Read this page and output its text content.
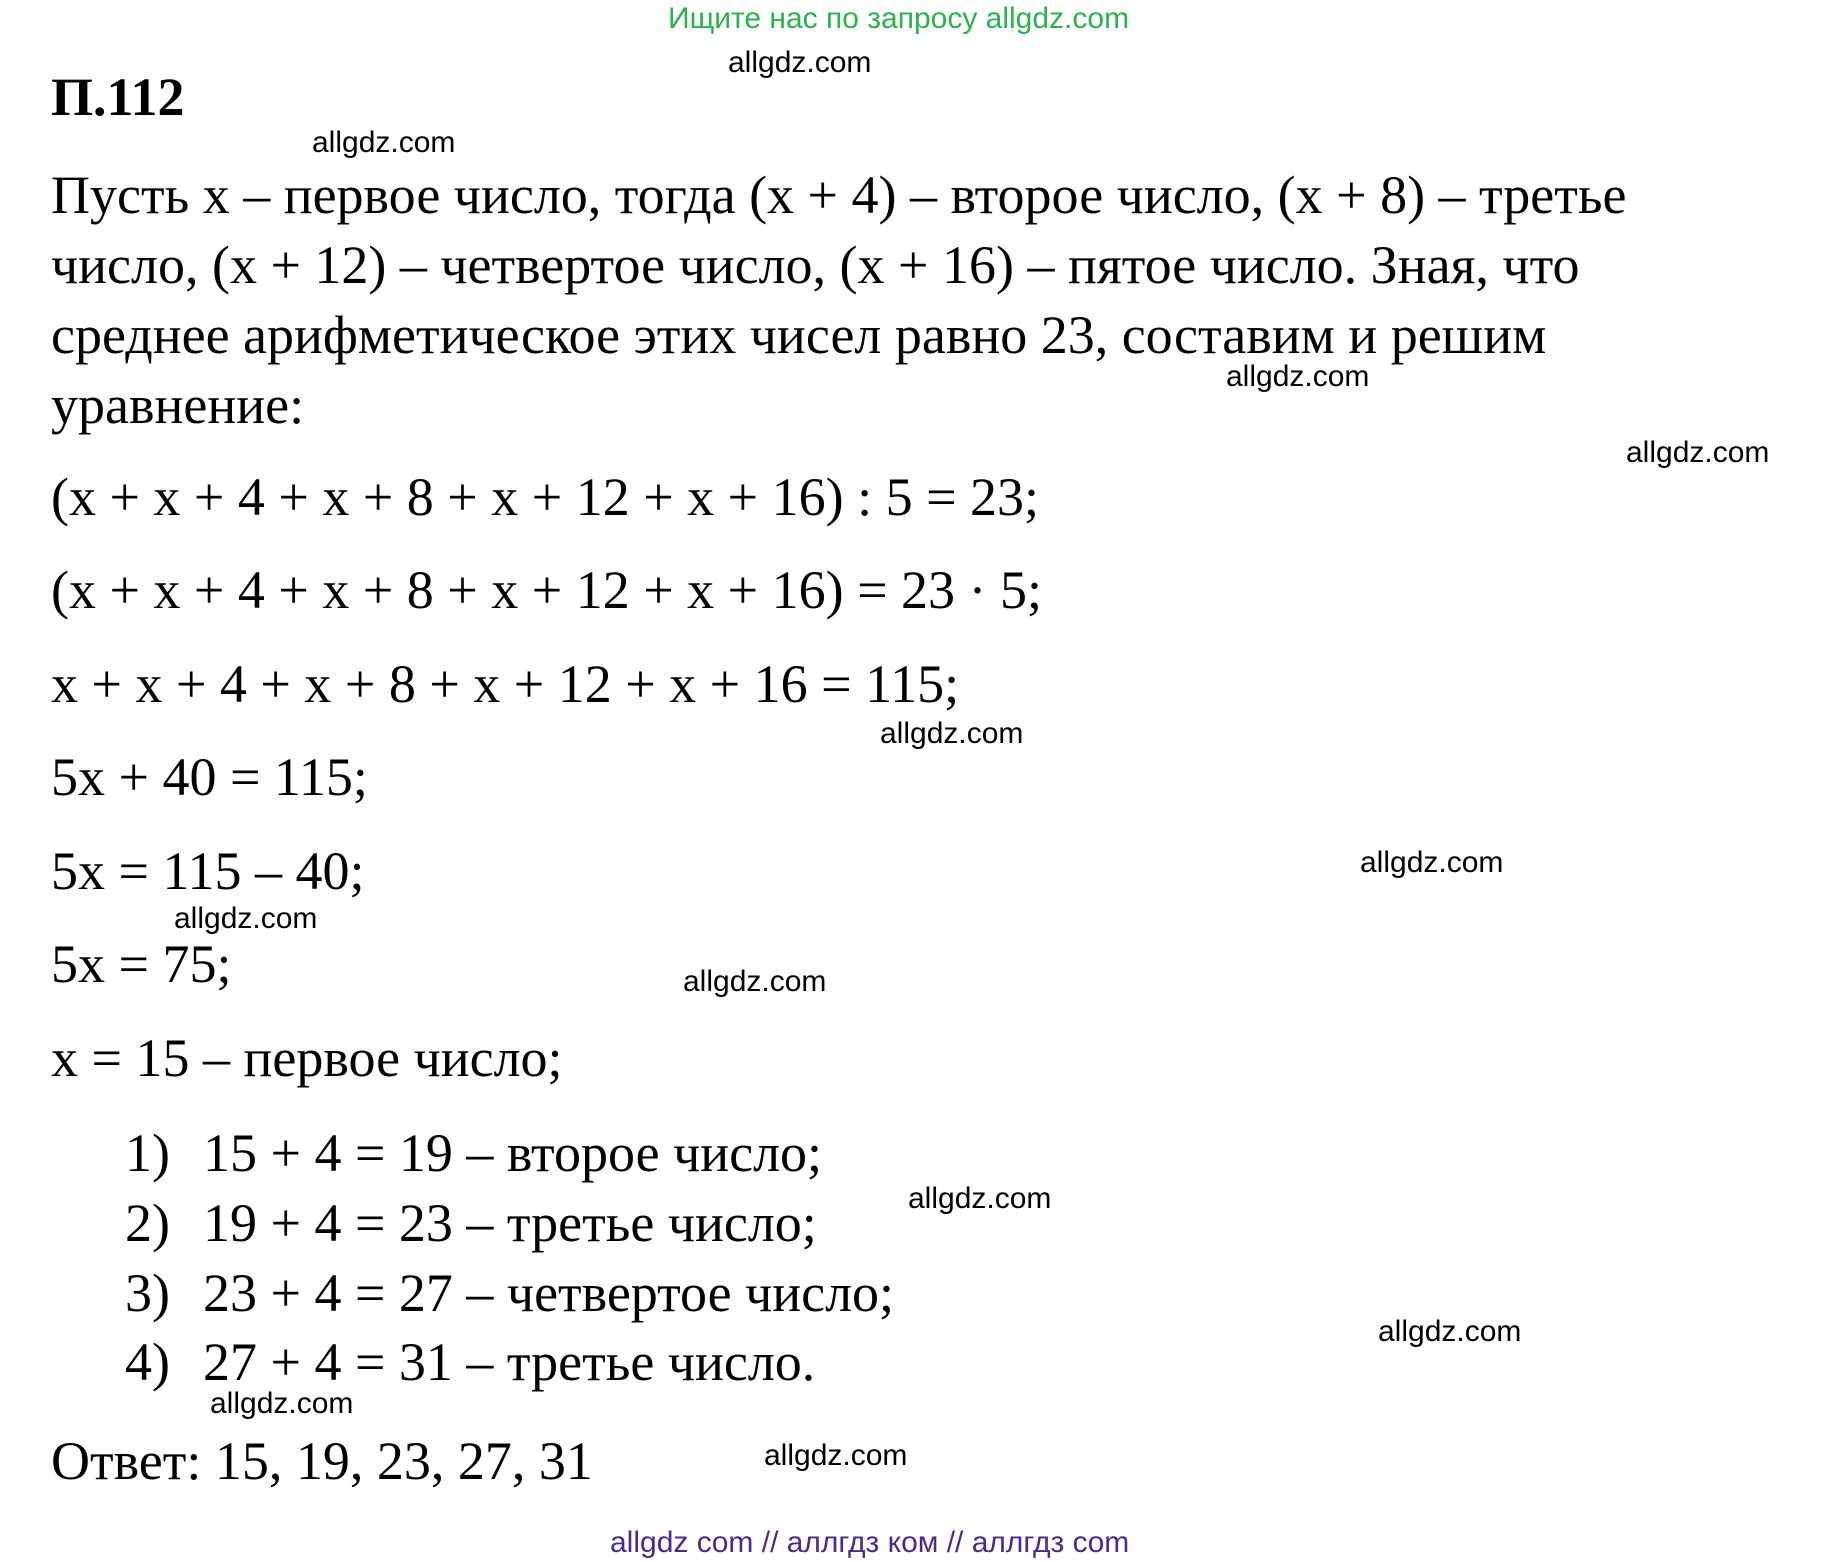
Ищите нас по запросу allgdz.com
allgdz.com
П.112
allgdz.com
Пусть x – первое число, тогда (x + 4) – второе число, (x + 8) – третье
число, (x + 12) – четвертое число, (x + 16) – пятое число. Зная, что
среднее арифметическое этих чисел равно 23, составим и решим
allgdz.com
уравнение:
allgdz.com
(x + x + 4 + x + 8 + x + 12 + x + 16) : 5 = 23;
(x + x + 4 + x + 8 + x + 12 + x + 16) = 23 · 5;
x + x + 4 + x + 8 + x + 12 + x + 16 = 115;
allgdz.com
5x + 40 = 115;
allgdz.com
5x = 115 – 40;
allgdz.com
5x = 75;	allgdz.com
x = 15 – первое число;
1) 15 + 4 = 19 – второе число;
allgdz.com
2) 19 + 4 = 23 – третье число;
3) 23 + 4 = 27 – четвертое число;
allgdz.com
4) 27 + 4 = 31 – третье число.
allgdz.com
Ответ: 15, 19, 23, 27, 31	allgdz.com
allgdz com // аллгдз ком // аллгдз com
